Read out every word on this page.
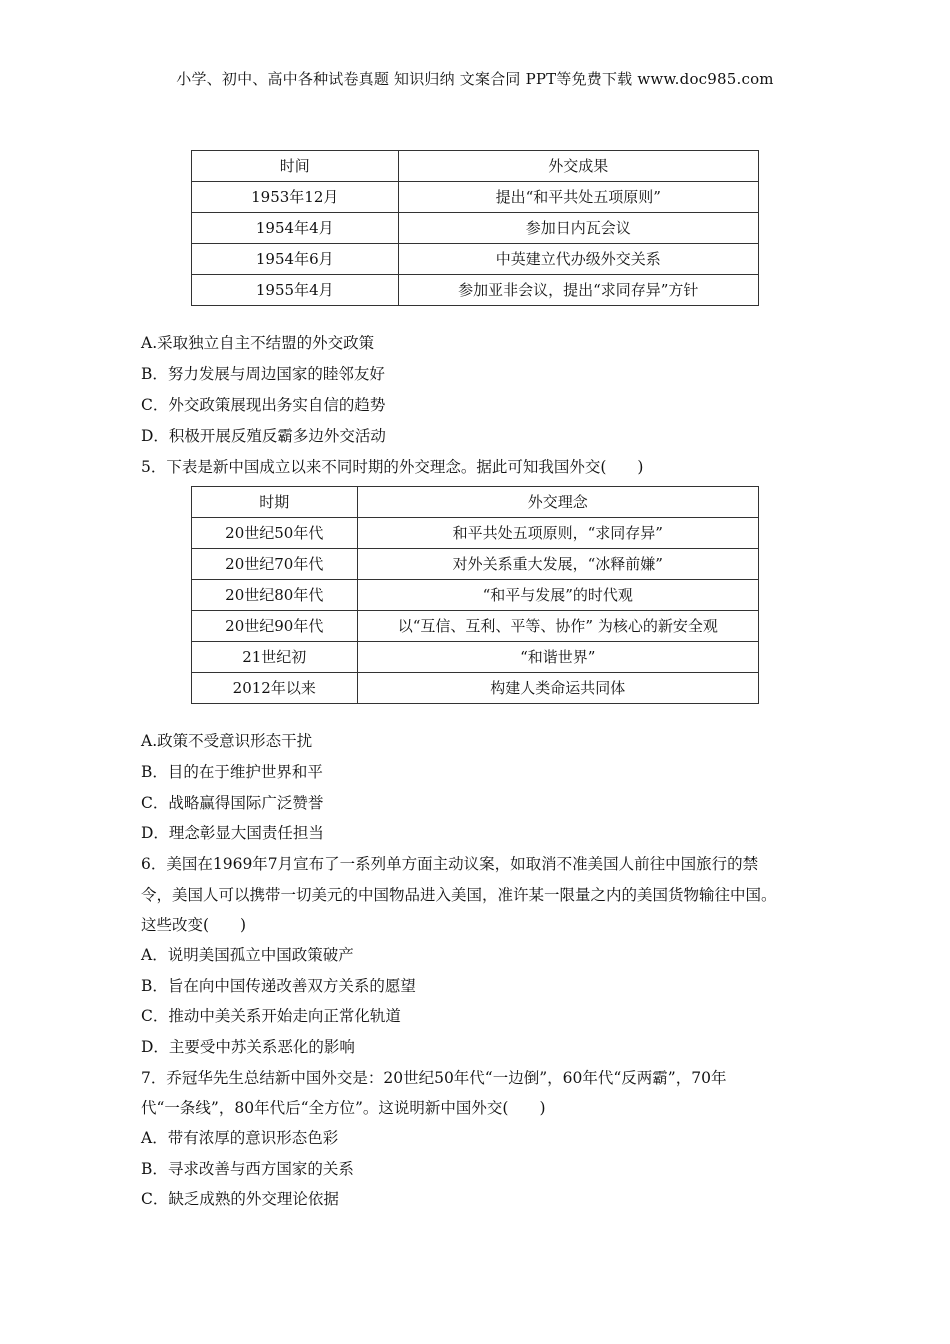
小学、初中、高中各种试卷真题 知识归纳 文案合同 PPT等免费下载 www.doc985.com
时间	外交成果
1953年12月	提出“和平共处五项原则”
1954年4月	参加日内瓦会议
1954年6月	中英建立代办级外交关系
1955年4月	参加亚非会议，提出“求同存异”方针
A.采取独立自主不结盟的外交政策
B．努力发展与周边国家的睦邻友好
C．外交政策展现出务实自信的趋势
D．积极开展反殖反霸多边外交活动
5．下表是新中国成立以来不同时期的外交理念。据此可知我国外交(　　)
时期	外交理念
20世纪50年代	和平共处五项原则，“求同存异”
20世纪70年代	对外关系重大发展，“冰释前嫌”
20世纪80年代	“和平与发展”的时代观
20世纪90年代	以“互信、互利、平等、协作” 为核心的新安全观
21世纪初	“和谐世界”
2012年以来	构建人类命运共同体
A.政策不受意识形态干扰
B．目的在于维护世界和平
C．战略赢得国际广泛赞誉
D．理念彰显大国责任担当
6．美国在1969年7月宣布了一系列单方面主动议案，如取消不准美国人前往中国旅行的禁
令，美国人可以携带一切美元的中国物品进入美国，准许某一限量之内的美国货物输往中国。
这些改变(　　)
A．说明美国孤立中国政策破产
B．旨在向中国传递改善双方关系的愿望
C．推动中美关系开始走向正常化轨道
D．主要受中苏关系恶化的影响
7．乔冠华先生总结新中国外交是：20世纪50年代“一边倒”，60年代“反两霸”，70年
代“一条线”，80年代后“全方位”。这说明新中国外交(　　)
A．带有浓厚的意识形态色彩
B．寻求改善与西方国家的关系
C．缺乏成熟的外交理论依据
